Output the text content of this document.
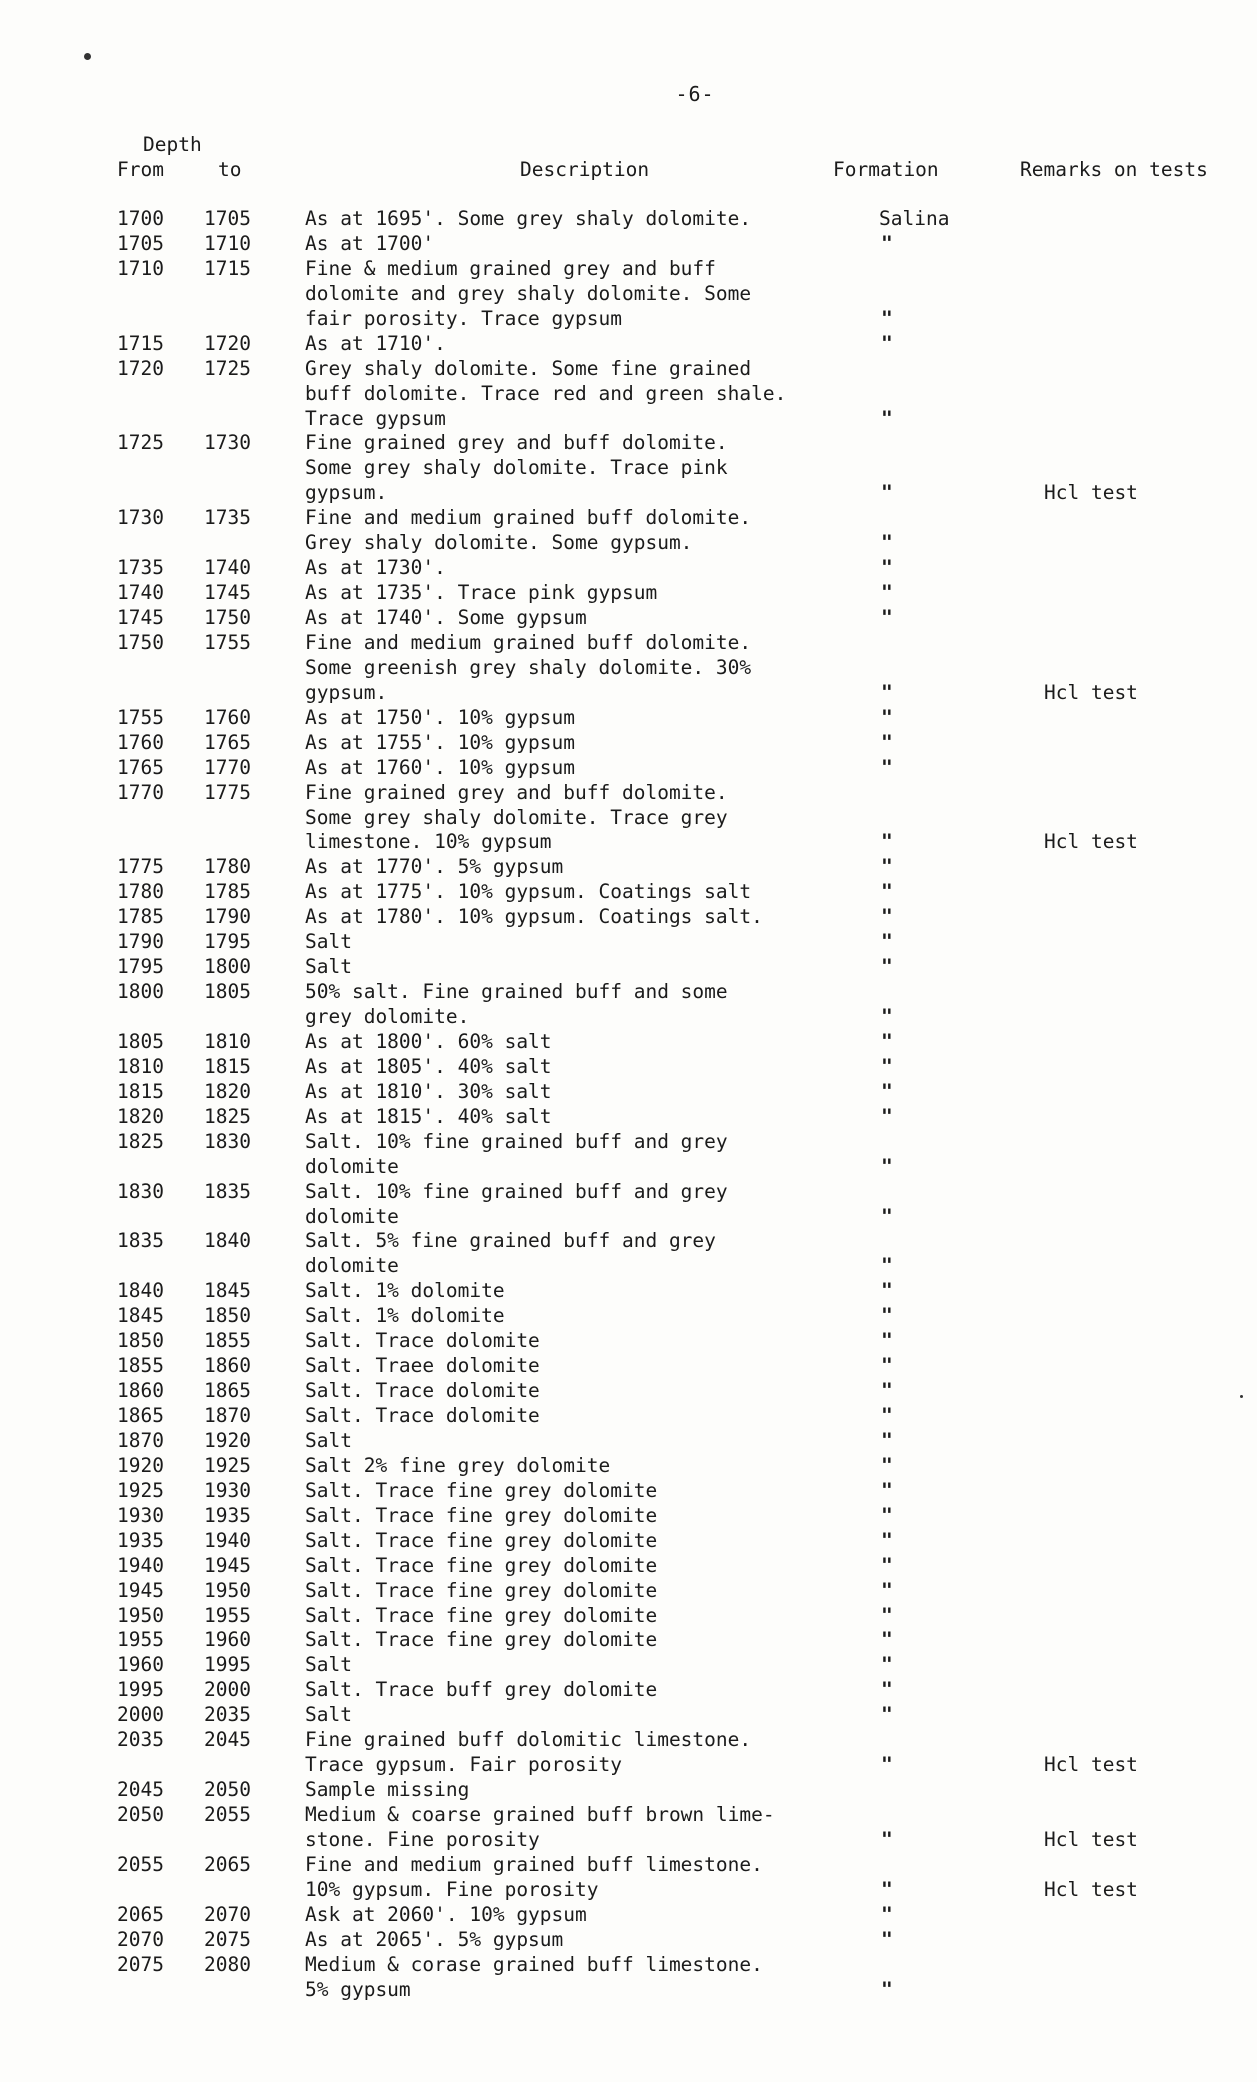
-6-
Depth
From	to	Description	Formation	Remarks on tests
1700 1705	As at 1695'. Some grey shaly dolomite.	Salina
1705 1710	As at 1700'	"
1710 1715	Fine & medium grained grey and buff
dolomite and grey shaly dolomite. Some
fair porosity. Trace gypsum	"
1715 1720	As at 1710'.	"
1720 1725	Grey shaly dolomite. Some fine grained
buff dolomite. Trace red and green shale.
Trace gypsum	"
1725 1730	Fine grained grey and buff dolomite.
Some grey shaly dolomite. Trace pink
gypsum.	"	Hcl test
1730 1735	Fine and medium grained buff dolomite.
Grey shaly dolomite. Some gypsum.	"
1735 1740	As at 1730'.	"
1740 1745	As at 1735'. Trace pink gypsum	"
1745 1750	As at 1740'. Some gypsum	"
1750 1755	Fine and medium grained buff dolomite.
Some greenish grey shaly dolomite. 30%
gypsum.	"	Hcl test
1755 1760	As at 1750'. 10% gypsum	"
1760 1765	As at 1755'. 10% gypsum	"
1765 1770	As at 1760'. 10% gypsum	"
1770 1775	Fine grained grey and buff dolomite.
Some grey shaly dolomite. Trace grey
limestone. 10% gypsum	"	Hcl test
1775 1780	As at 1770'. 5% gypsum	"
1780 1785	As at 1775'. 10% gypsum. Coatings salt	"
1785 1790	As at 1780'. 10% gypsum. Coatings salt.	"
1790 1795	Salt	"
1795 1800	Salt	"
1800 1805	50% salt. Fine grained buff and some
grey dolomite.	"
1805 1810	As at 1800'. 60% salt	"
1810 1815	As at 1805'. 40% salt	"
1815 1820	As at 1810'. 30% salt	"
1820 1825	As at 1815'. 40% salt	"
1825 1830	Salt. 10% fine grained buff and grey
dolomite	"
1830 1835	Salt. 10% fine grained buff and grey
dolomite	"
1835 1840	Salt. 5% fine grained buff and grey
dolomite	"
1840 1845	Salt. 1% dolomite	"
1845 1850	Salt. 1% dolomite	"
1850 1855	Salt. Trace dolomite	"
1855 1860	Salt. Traee dolomite	"
1860 1865	Salt. Trace dolomite	"
1865 1870	Salt. Trace dolomite	"
1870 1920	Salt	"
1920 1925	Salt 2% fine grey dolomite	"
1925 1930	Salt. Trace fine grey dolomite	"
1930 1935	Salt. Trace fine grey dolomite	"
1935 1940	Salt. Trace fine grey dolomite	"
1940 1945	Salt. Trace fine grey dolomite	"
1945 1950	Salt. Trace fine grey dolomite	"
1950 1955	Salt. Trace fine grey dolomite	"
1955 1960	Salt. Trace fine grey dolomite	"
1960 1995	Salt	"
1995 2000	Salt. Trace buff grey dolomite	"
2000 2035	Salt	"
2035 2045	Fine grained buff dolomitic limestone.
Trace gypsum. Fair porosity	"	Hcl test
2045 2050	Sample missing
2050 2055	Medium & coarse grained buff brown lime-
stone. Fine porosity	"	Hcl test
2055 2065	Fine and medium grained buff limestone.
10% gypsum. Fine porosity	"	Hcl test
2065 2070	Ask at 2060'. 10% gypsum	"
2070 2075	As at 2065'. 5% gypsum	"
2075 2080	Medium & corase grained buff limestone.
5% gypsum	"
